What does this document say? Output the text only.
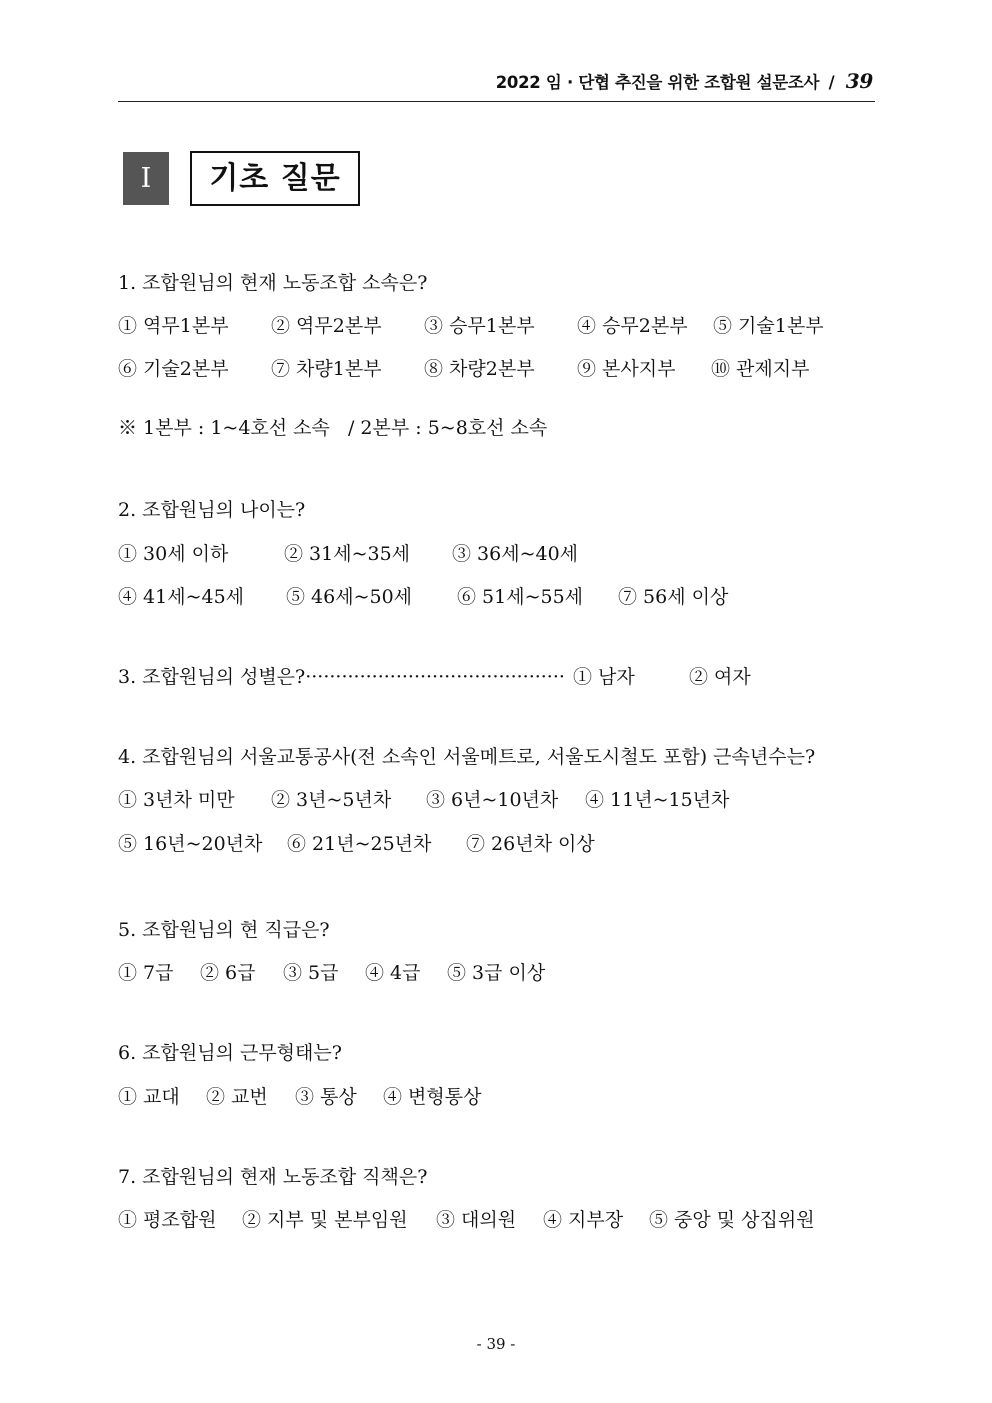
2022 임 · 단협 추진을 위한 조합원 설문조사 / 39
Ⅰ	기초 질문
1. 조합원님의 현재 노동조합 소속은?
① 역무1본부 ② 역무2본부 ③ 승무1본부 ④ 승무2본부 ⑤ 기술1본부
⑥ 기술2본부 ⑦ 차량1본부 ⑧ 차량2본부 ⑨ 본사지부 ⑩ 관제지부
※ 1본부 : 1~4호선 소속   / 2본부 : 5~8호선 소속
2. 조합원님의 나이는?
① 30세 이하	② 31세~35세 ③ 36세~40세
④ 41세~45세 ⑤ 46세~50세 ⑥ 51세~55세 ⑦ 56세 이상
3. 조합원님의 성별은?··········································· ① 남자	② 여자
4. 조합원님의 서울교통공사(전 소속인 서울메트로, 서울도시철도 포함) 근속년수는?
① 3년차 미만 ② 3년~5년차 ③ 6년~10년차 ④ 11년~15년차
⑤ 16년~20년차 ⑥ 21년~25년차 ⑦ 26년차 이상
5. 조합원님의 현 직급은?
① 7급 ② 6급 ③ 5급 ④ 4급 ⑤ 3급 이상
6. 조합원님의 근무형태는?
① 교대 ② 교번 ③ 통상 ④ 변형통상
7. 조합원님의 현재 노동조합 직책은?
① 평조합원 ② 지부 및 본부임원 ③ 대의원 ④ 지부장 ⑤ 중앙 및 상집위원
- 39 -
